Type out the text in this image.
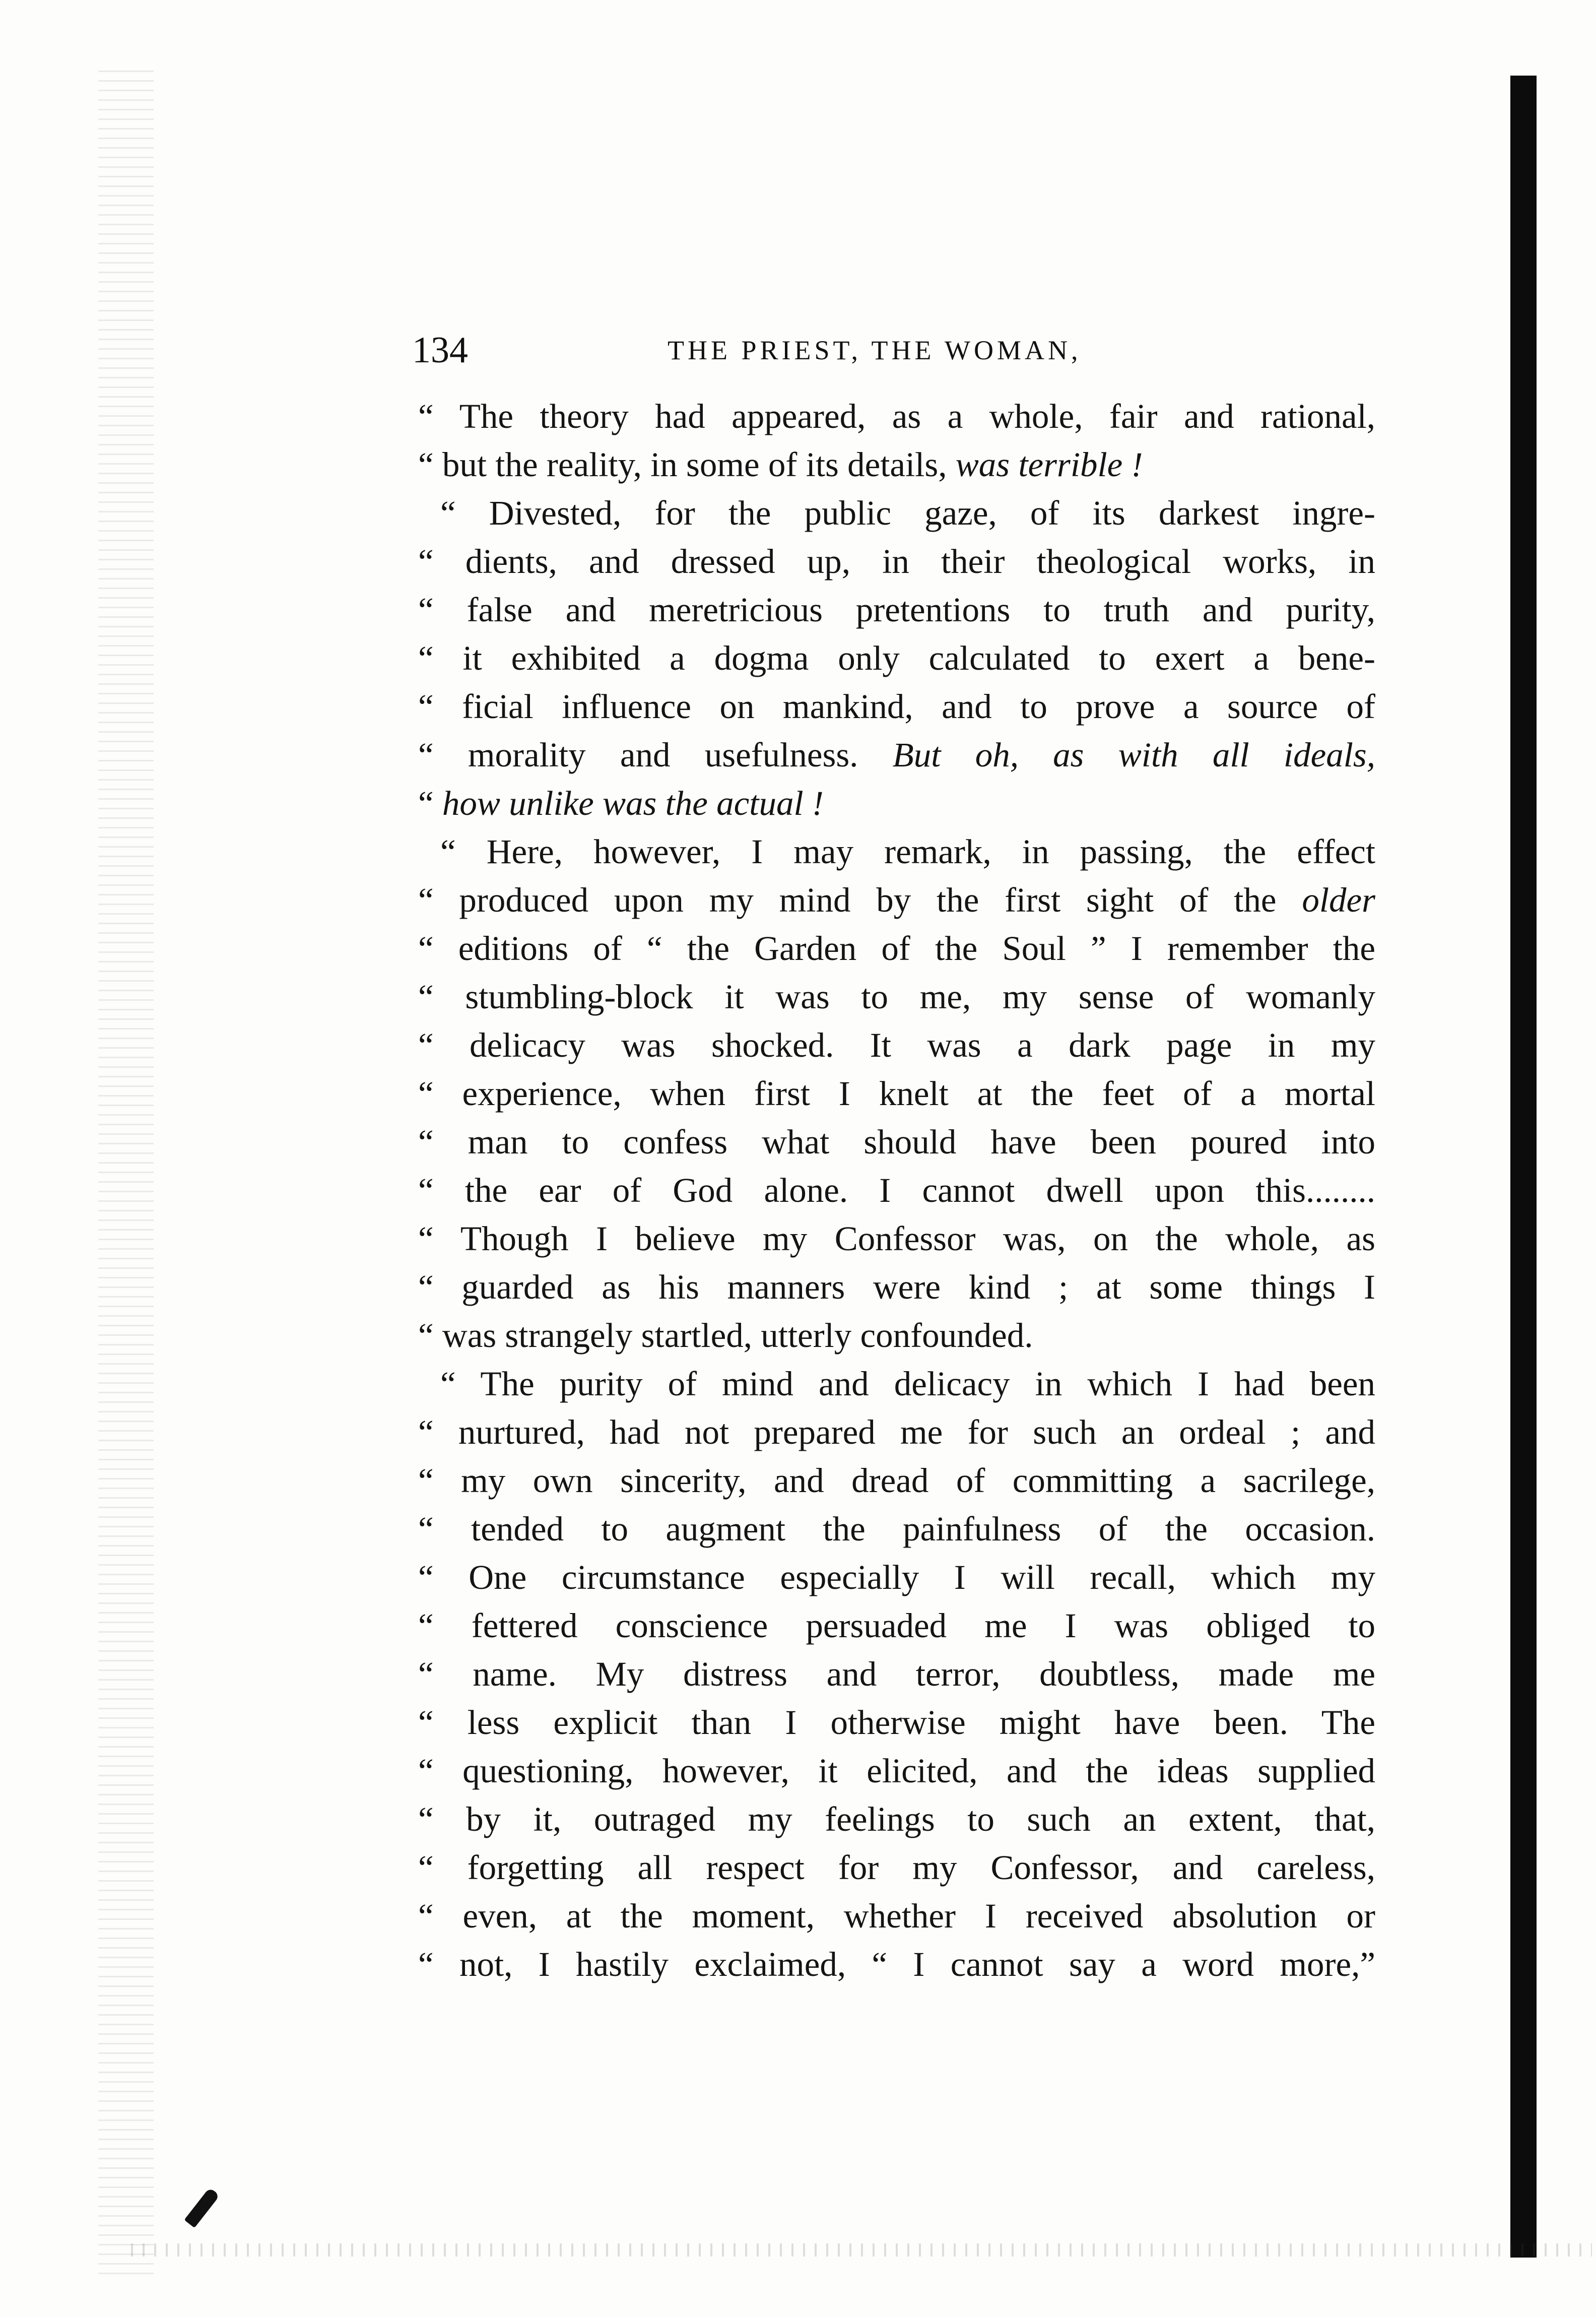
134	THE PRIEST, THE WOMAN,
“ The theory had appeared, as a whole, fair and rational,
“ but the reality, in some of its details, was terrible !
“ Divested, for the public gaze, of its darkest ingre-
“ dients, and dressed up, in their theological works, in
“ false and meretricious pretentions to truth and purity,
“ it exhibited a dogma only calculated to exert a bene-
“ ficial influence on mankind, and to prove a source of
“ morality and usefulness. But oh, as with all ideals,
“ how unlike was the actual !
“ Here, however, I may remark, in passing, the effect
“ produced upon my mind by the first sight of the older
“ editions of “ the Garden of the Soul ” I remember the
“ stumbling-block it was to me, my sense of womanly
“ delicacy was shocked. It was a dark page in my
“ experience, when first I knelt at the feet of a mortal
“ man to confess what should have been poured into
“ the ear of God alone. I cannot dwell upon this........
“ Though I believe my Confessor was, on the whole, as
“ guarded as his manners were kind ; at some things I
“ was strangely startled, utterly confounded.
“ The purity of mind and delicacy in which I had been
“ nurtured, had not prepared me for such an ordeal ; and
“ my own sincerity, and dread of committing a sacrilege,
“ tended to augment the painfulness of the occasion.
“ One circumstance especially I will recall, which my
“ fettered conscience persuaded me I was obliged to
“ name. My distress and terror, doubtless, made me
“ less explicit than I otherwise might have been. The
“ questioning, however, it elicited, and the ideas supplied
“ by it, outraged my feelings to such an extent, that,
“ forgetting all respect for my Confessor, and careless,
“ even, at the moment, whether I received absolution or
“ not, I hastily exclaimed, “ I cannot say a word more,”
